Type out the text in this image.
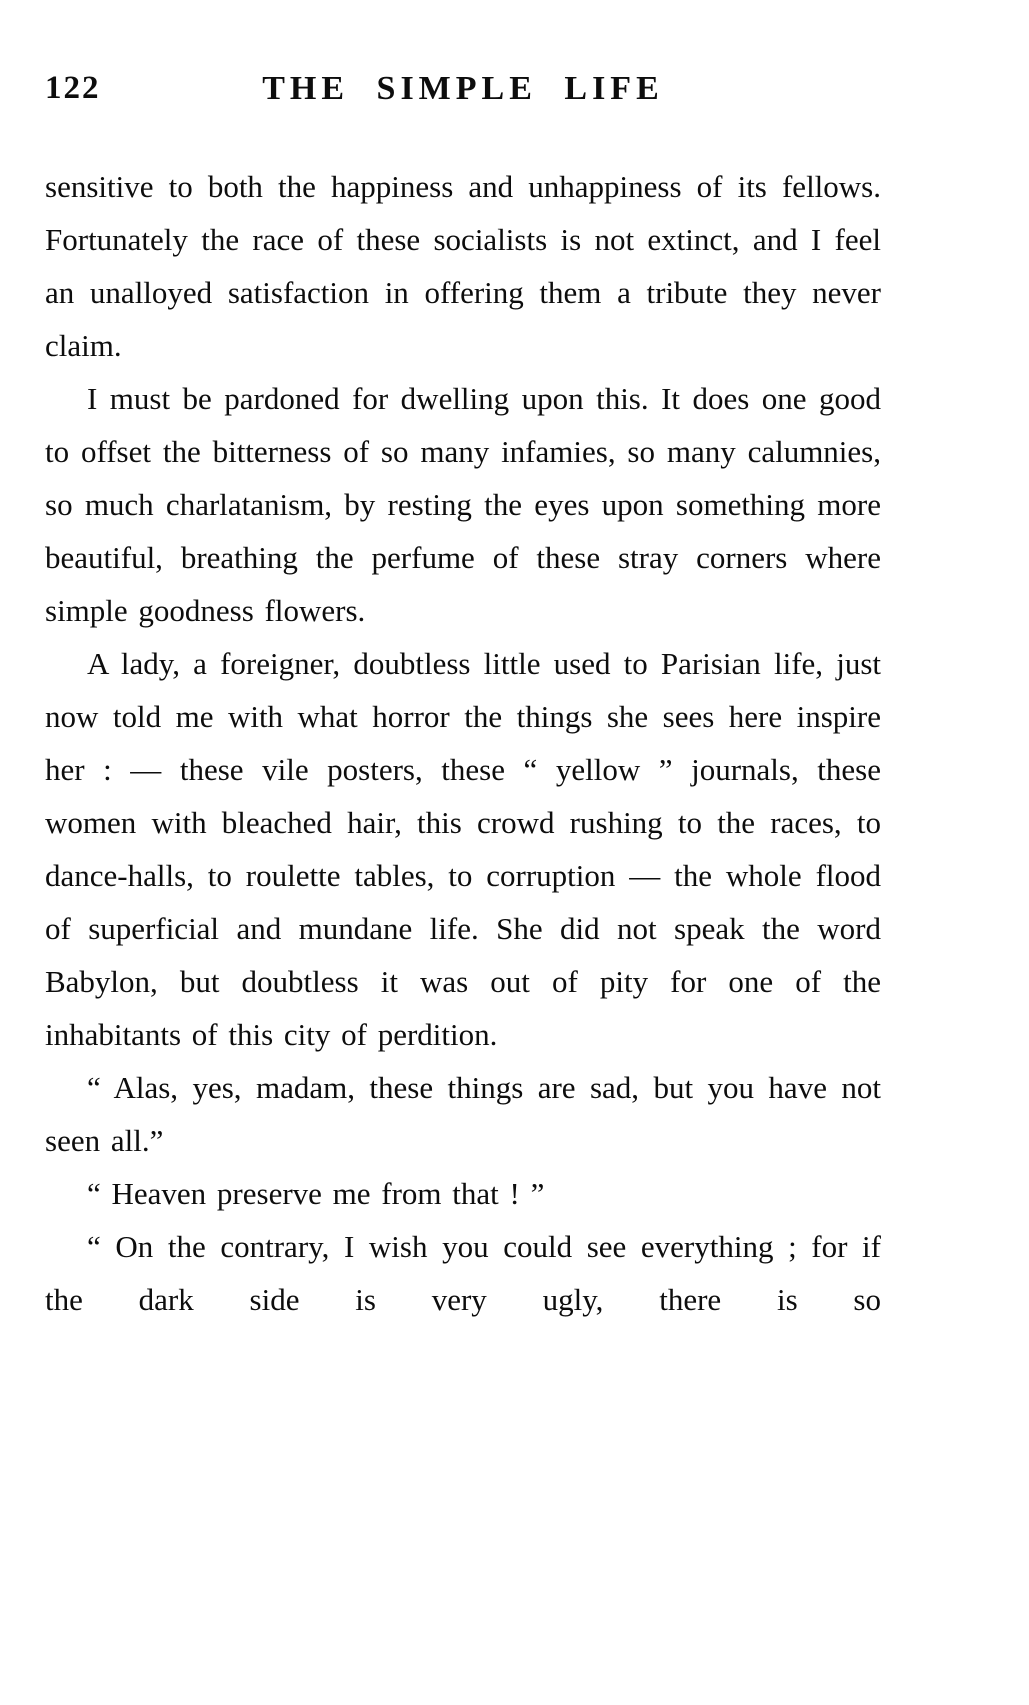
122	THE SIMPLE LIFE

sensitive to both the happiness and unhappiness of its fellows. Fortunately the race of these socialists is not extinct, and I feel an unalloyed satisfaction in offering them a tribute they never claim.

I must be pardoned for dwelling upon this. It does one good to offset the bitterness of so many infamies, so many calumnies, so much charlatanism, by resting the eyes upon something more beautiful, breathing the perfume of these stray corners where simple goodness flowers.

A lady, a foreigner, doubtless little used to Parisian life, just now told me with what horror the things she sees here inspire her : — these vile posters, these “ yellow ” journals, these women with bleached hair, this crowd rushing to the races, to dance-halls, to roulette tables, to corruption — the whole flood of superficial and mundane life. She did not speak the word Babylon, but doubtless it was out of pity for one of the inhabitants of this city of perdition.

“ Alas, yes, madam, these things are sad, but you have not seen all.”

“ Heaven preserve me from that ! ”

“ On the contrary, I wish you could see everything ; for if the dark side is very ugly, there is so
